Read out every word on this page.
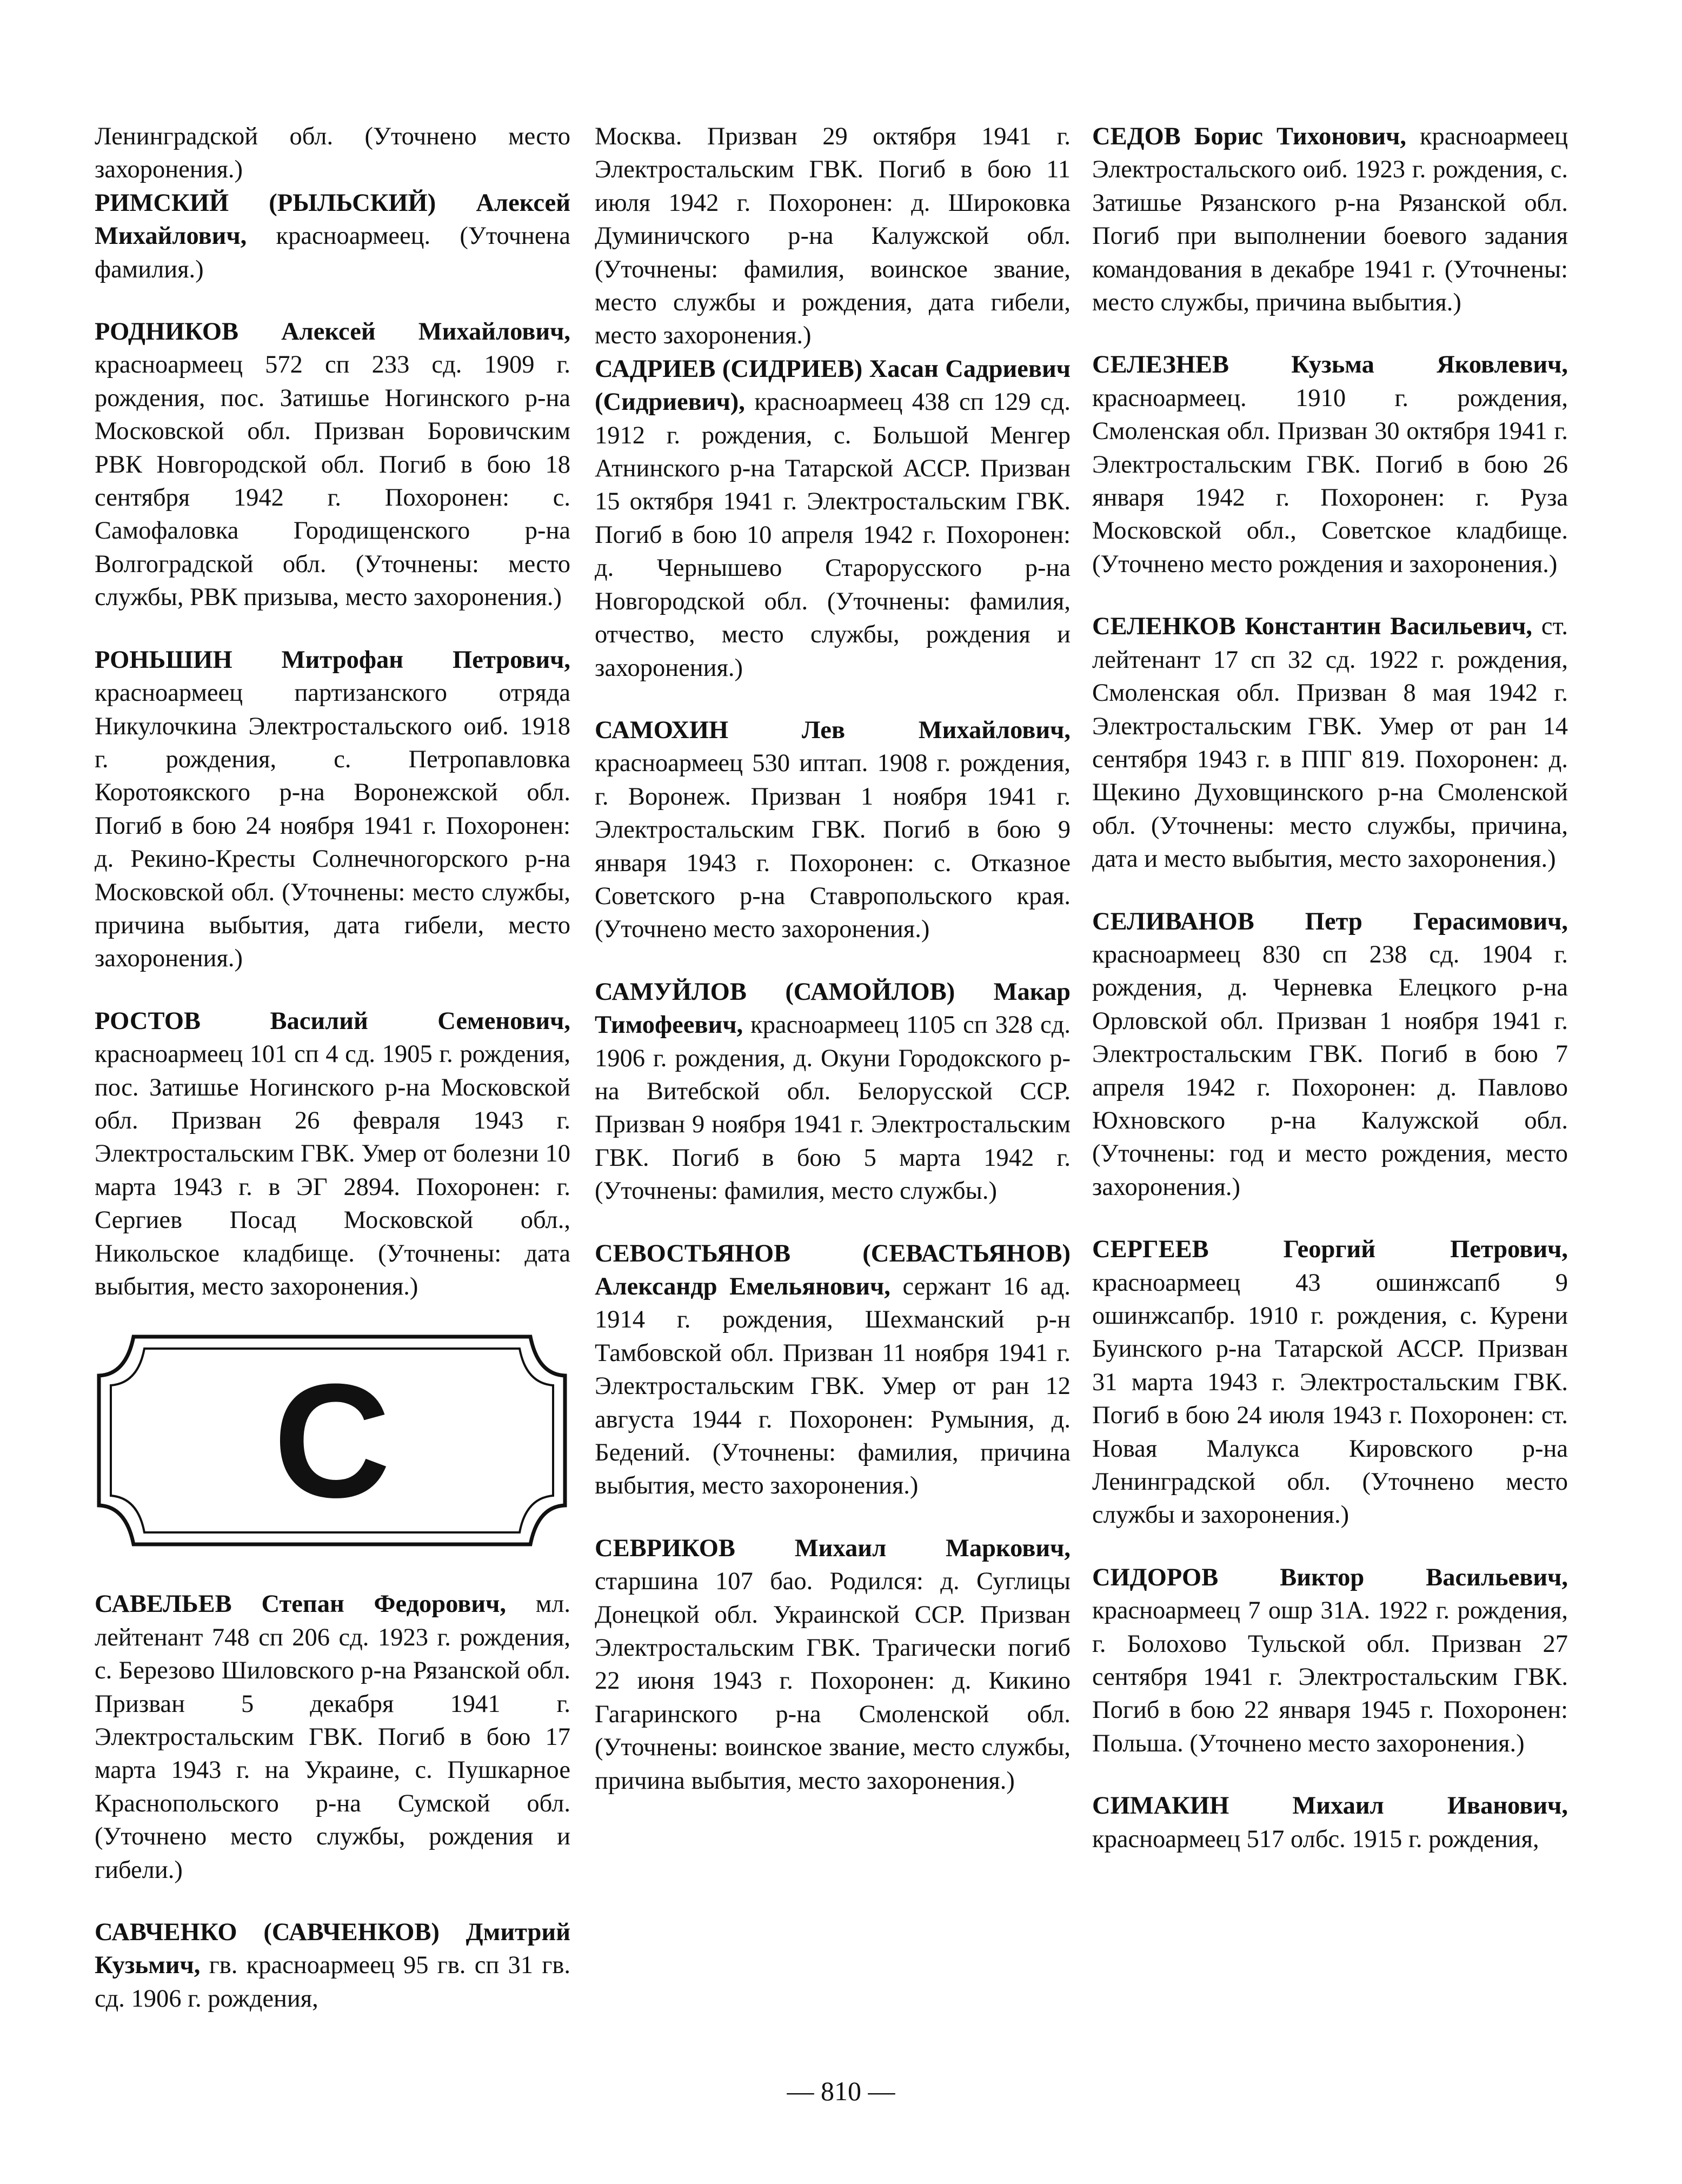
Ленинградской обл. (Уточнено место захоронения.)
РИМСКИЙ (РЫЛЬСКИЙ) Алексей Михайлович, красноармеец. (Уточнена фамилия.)
РОДНИКОВ Алексей Михайлович, красноармеец 572 сп 233 сд. 1909 г. рождения, пос. Затишье Ногинского р-на Московской обл. Призван Боровичским РВК Новгородской обл. Погиб в бою 18 сентября 1942 г. Похоронен: с. Самофаловка Городищенского р-на Волгоградской обл. (Уточнены: место службы, РВК призыва, место захоронения.)
РОНЬШИН Митрофан Петрович, красноармеец партизанского отряда Никулочкина Электростальского оиб. 1918 г. рождения, с. Петропавловка Коротоякского р-на Воронежской обл. Погиб в бою 24 ноября 1941 г. Похоронен: д. Рекино-Кресты Солнечногорского р-на Московской обл. (Уточнены: место службы, причина выбытия, дата гибели, место захоронения.)
РОСТОВ Василий Семенович, красноармеец 101 сп 4 сд. 1905 г. рождения, пос. Затишье Ногинского р-на Московской обл. Призван 26 февраля 1943 г. Электростальским ГВК. Умер от болезни 10 марта 1943 г. в ЭГ 2894. Похоронен: г. Сергиев Посад Московской обл., Никольское кладбище. (Уточнены: дата выбытия, место захоронения.)
С
САВЕЛЬЕВ Степан Федорович, мл. лейтенант 748 сп 206 сд. 1923 г. рождения, с. Березово Шиловского р-на Рязанской обл. Призван 5 декабря 1941 г. Электростальским ГВК. Погиб в бою 17 марта 1943 г. на Украине, с. Пушкарное Краснопольского р-на Сумской обл. (Уточнено место службы, рождения и гибели.)
САВЧЕНКО (САВЧЕНКОВ) Дмитрий Кузьмич, гв. красноармеец 95 гв. сп 31 гв. сд. 1906 г. рождения,
Москва. Призван 29 октября 1941 г. Электростальским ГВК. Погиб в бою 11 июля 1942 г. Похоронен: д. Широковка Думиничского р-на Калужской обл. (Уточнены: фамилия, воинское звание, место службы и рождения, дата гибели, место захоронения.)
САДРИЕВ (СИДРИЕВ) Хасан Садриевич (Сидриевич), красноармеец 438 сп 129 сд. 1912 г. рождения, с. Большой Менгер Атнинского р-на Татарской АССР. Призван 15 октября 1941 г. Электростальским ГВК. Погиб в бою 10 апреля 1942 г. Похоронен: д. Чернышево Старорусского р-на Новгородской обл. (Уточнены: фамилия, отчество, место службы, рождения и захоронения.)
САМОХИН Лев Михайлович, красноармеец 530 иптап. 1908 г. рождения, г. Воронеж. Призван 1 ноября 1941 г. Электростальским ГВК. Погиб в бою 9 января 1943 г. Похоронен: с. Отказное Советского р-на Ставропольского края. (Уточнено место захоронения.)
САМУЙЛОВ (САМОЙЛОВ) Макар Тимофеевич, красноармеец 1105 сп 328 сд. 1906 г. рождения, д. Окуни Городокского р-на Витебской обл. Белорусской ССР. Призван 9 ноября 1941 г. Электростальским ГВК. Погиб в бою 5 марта 1942 г. (Уточнены: фамилия, место службы.)
СЕВОСТЬЯНОВ (СЕВАСТЬЯНОВ) Александр Емельянович, сержант 16 ад. 1914 г. рождения, Шехманский р-н Тамбовской обл. Призван 11 ноября 1941 г. Электростальским ГВК. Умер от ран 12 августа 1944 г. Похоронен: Румыния, д. Бедений. (Уточнены: фамилия, причина выбытия, место захоронения.)
СЕВРИКОВ Михаил Маркович, старшина 107 бао. Родился: д. Суглицы Донецкой обл. Украинской ССР. Призван Электростальским ГВК. Трагически погиб 22 июня 1943 г. Похоронен: д. Кикино Гагаринского р-на Смоленской обл. (Уточнены: воинское звание, место службы, причина выбытия, место захоронения.)
СЕДОВ Борис Тихонович, красноармеец Электростальского оиб. 1923 г. рождения, с. Затишье Рязанского р-на Рязанской обл. Погиб при выполнении боевого задания командования в декабре 1941 г. (Уточнены: место службы, причина выбытия.)
СЕЛЕЗНЕВ Кузьма Яковлевич, красноармеец. 1910 г. рождения, Смоленская обл. Призван 30 октября 1941 г. Электростальским ГВК. Погиб в бою 26 января 1942 г. Похоронен: г. Руза Московской обл., Советское кладбище. (Уточнено место рождения и захоронения.)
СЕЛЕНКОВ Константин Васильевич, ст. лейтенант 17 сп 32 сд. 1922 г. рождения, Смоленская обл. Призван 8 мая 1942 г. Электростальским ГВК. Умер от ран 14 сентября 1943 г. в ППГ 819. Похоронен: д. Щекино Духовщинского р-на Смоленской обл. (Уточнены: место службы, причина, дата и место выбытия, место захоронения.)
СЕЛИВАНОВ Петр Герасимович, красноармеец 830 сп 238 сд. 1904 г. рождения, д. Черневка Елецкого р-на Орловской обл. Призван 1 ноября 1941 г. Электростальским ГВК. Погиб в бою 7 апреля 1942 г. Похоронен: д. Павлово Юхновского р-на Калужской обл. (Уточнены: год и место рождения, место захоронения.)
СЕРГЕЕВ Георгий Петрович, красноармеец 43 ошинжсапб 9 ошинжсапбр. 1910 г. рождения, с. Курени Буинского р-на Татарской АССР. Призван 31 марта 1943 г. Электростальским ГВК. Погиб в бою 24 июля 1943 г. Похоронен: ст. Новая Малукса Кировского р-на Ленинградской обл. (Уточнено место службы и захоронения.)
СИДОРОВ Виктор Васильевич, красноармеец 7 ошр 31А. 1922 г. рождения, г. Болохово Тульской обл. Призван 27 сентября 1941 г. Электростальским ГВК. Погиб в бою 22 января 1945 г. Похоронен: Польша. (Уточнено место захоронения.)
СИМАКИН Михаил Иванович, красноармеец 517 олбс. 1915 г. рождения,
— 810 —
